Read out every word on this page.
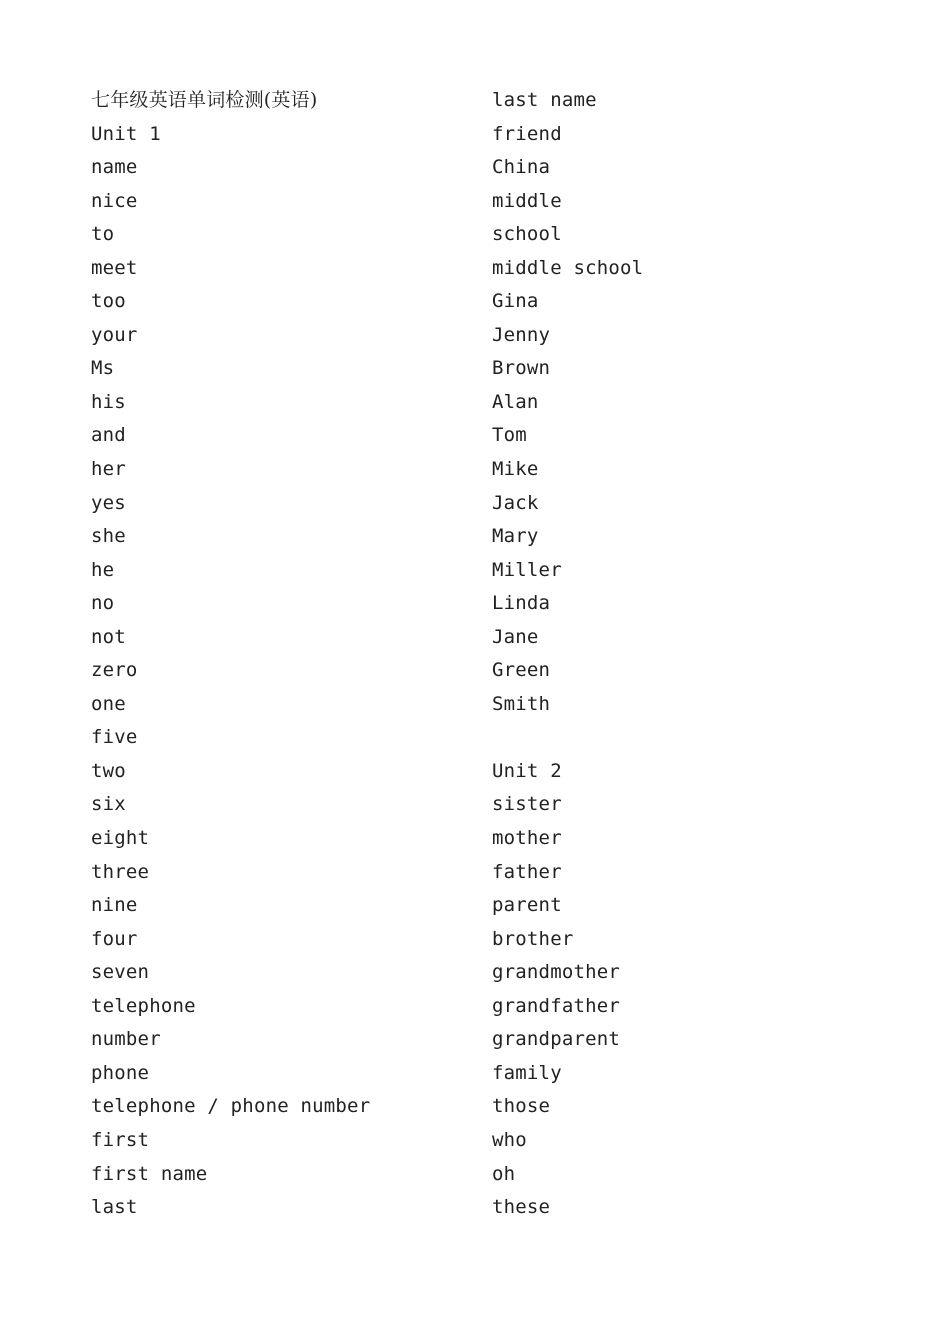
七年级英语单词检测(英语)
Unit 1
name
nice
to
meet
too
your
Ms
his
and
her
yes
she
he
no
not
zero
one
five
two
six
eight
three
nine
four
seven
telephone
number
phone
telephone / phone number
first
first name
last
last name
friend
China
middle
school
middle school
Gina
Jenny
Brown
Alan
Tom
Mike
Jack
Mary
Miller
Linda
Jane
Green
Smith
Unit 2
sister
mother
father
parent
brother
grandmother
grandfather
grandparent
family
those
who
oh
these
